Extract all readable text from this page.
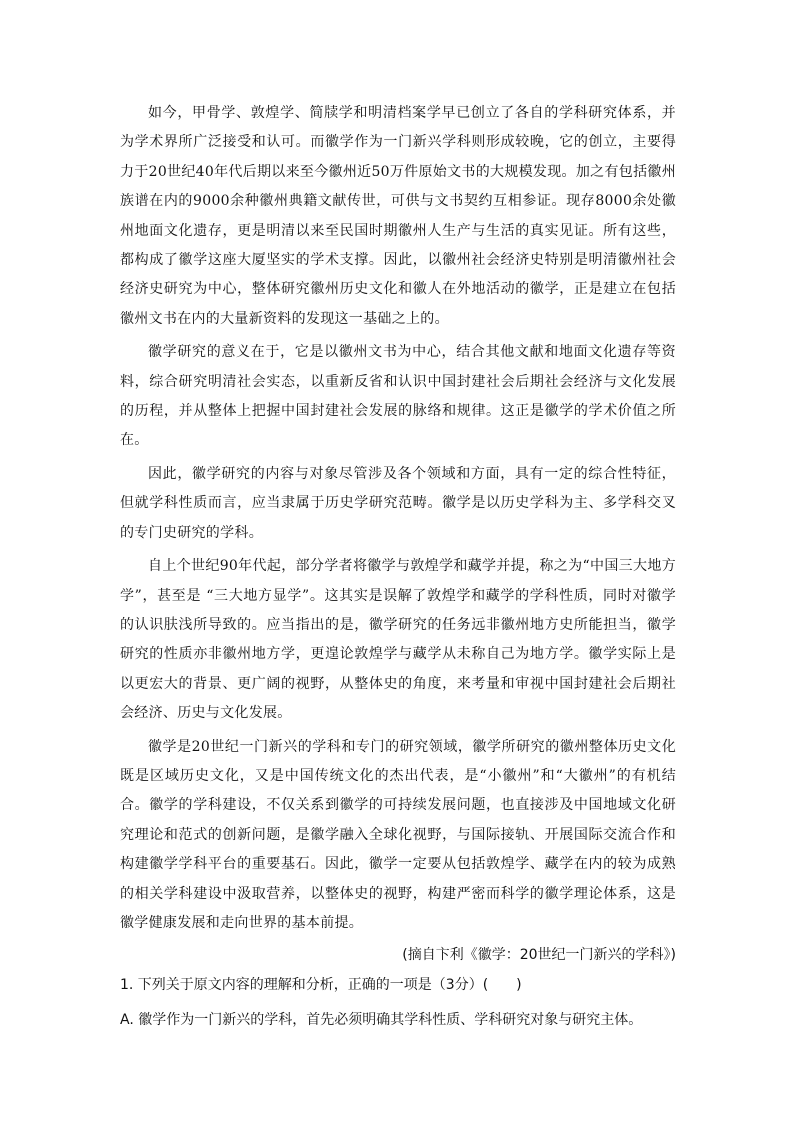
如今，甲骨学、敦煌学、简牍学和明清档案学早已创立了各自的学科研究体系，并为学术界所广泛接受和认可。而徽学作为一门新兴学科则形成较晚，它的创立，主要得力于20世纪40年代后期以来至今徽州近50万件原始文书的大规模发现。加之有包括徽州族谱在内的9000余种徽州典籍文献传世，可供与文书契约互相参证。现存8000余处徽州地面文化遗存，更是明清以来至民国时期徽州人生产与生活的真实见证。所有这些，都构成了徽学这座大厦坚实的学术支撑。因此，以徽州社会经济史特别是明清徽州社会经济史研究为中心，整体研究徽州历史文化和徽人在外地活动的徽学，正是建立在包括徽州文书在内的大量新资料的发现这一基础之上的。

徽学研究的意义在于，它是以徽州文书为中心，结合其他文献和地面文化遗存等资料，综合研究明清社会实态，以重新反省和认识中国封建社会后期社会经济与文化发展的历程，并从整体上把握中国封建社会发展的脉络和规律。这正是徽学的学术价值之所在。

因此，徽学研究的内容与对象尽管涉及各个领域和方面，具有一定的综合性特征，但就学科性质而言，应当隶属于历史学研究范畴。徽学是以历史学科为主、多学科交叉的专门史研究的学科。

自上个世纪90年代起，部分学者将徽学与敦煌学和藏学并提，称之为“中国三大地方学”，甚至是 “三大地方显学”。这其实是误解了敦煌学和藏学的学科性质，同时对徽学的认识肤浅所导致的。应当指出的是，徽学研究的任务远非徽州地方史所能担当，徽学研究的性质亦非徽州地方学，更遑论敦煌学与藏学从未称自己为地方学。徽学实际上是以更宏大的背景、更广阔的视野，从整体史的角度，来考量和审视中国封建社会后期社会经济、历史与文化发展。

徽学是20世纪一门新兴的学科和专门的研究领域，徽学所研究的徽州整体历史文化既是区域历史文化，又是中国传统文化的杰出代表，是“小徽州”和“大徽州”的有机结合。徽学的学科建设，不仅关系到徽学的可持续发展问题，也直接涉及中国地域文化研究理论和范式的创新问题，是徽学融入全球化视野，与国际接轨、开展国际交流合作和构建徽学学科平台的重要基石。因此，徽学一定要从包括敦煌学、藏学在内的较为成熟的相关学科建设中汲取营养，以整体史的视野，构建严密而科学的徽学理论体系，这是徽学健康发展和走向世界的基本前提。

(摘自卞利《徽学：20世纪一门新兴的学科》)

1. 下列关于原文内容的理解和分析，正确的一项是（3分）(　　)

A. 徽学作为一门新兴的学科，首先必须明确其学科性质、学科研究对象与研究主体。
